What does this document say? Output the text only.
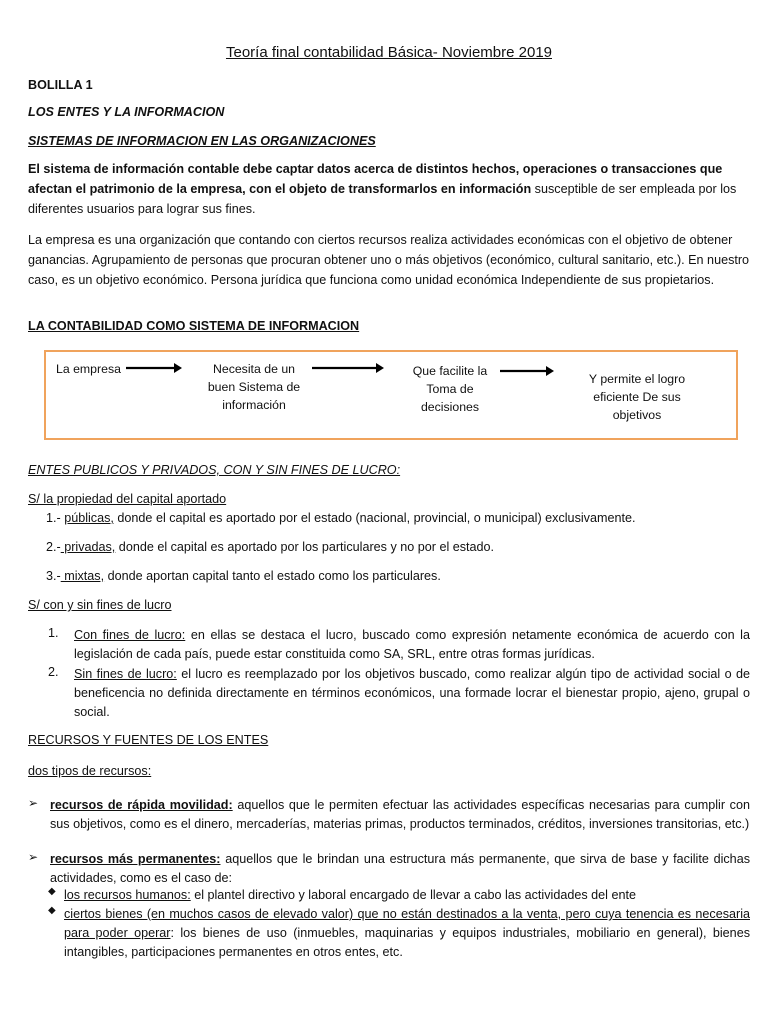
Teoría final contabilidad Básica- Noviembre 2019
BOLILLA 1
LOS ENTES Y LA INFORMACION
SISTEMAS DE INFORMACION EN LAS ORGANIZACIONES

El sistema de información contable debe captar datos acerca de distintos hechos, operaciones o transacciones que afectan el patrimonio de la empresa, con el objeto de transformarlos en información susceptible de ser empleada por los diferentes usuarios para lograr sus fines.

La empresa es una organización que contando con ciertos recursos realiza actividades económicas con el objetivo de obtener ganancias. Agrupamiento de personas que procuran obtener uno o más objetivos (económico, cultural sanitario, etc.). En nuestro caso, es un objetivo económico. Persona jurídica que funciona como unidad económica Independiente de sus propietarios.

LA CONTABILIDAD COMO SISTEMA DE INFORMACION
La empresa	Necesita de un buen Sistema de información
Que facilite la Toma de decisiones
Y permite el logro eficiente De sus objetivos
ENTES PUBLICOS Y PRIVADOS, CON Y SIN FINES DE LUCRO:
S/ la propiedad del capital aportado
1.- públicas, donde el capital es aportado por el estado (nacional, provincial, o municipal) exclusivamente.
2.- privadas, donde el capital es aportado por los particulares y no por el estado.
3.- mixtas, donde aportan capital tanto el estado como los particulares.
S/ con y sin fines de lucro
1. Con fines de lucro: en ellas se destaca el lucro, buscado como expresión netamente económica de acuerdo con la legislación de cada país, puede estar constituida como SA, SRL, entre otras formas jurídicas.
2. Sin fines de lucro: el lucro es reemplazado por los objetivos buscado, como realizar algún tipo de actividad social o de beneficencia no definida directamente en términos económicos, una formade locrar el bienestar propio, ajeno, grupal o social.
RECURSOS Y FUENTES DE LOS ENTES
dos tipos de recursos:
➢ recursos de rápida movilidad: aquellos que le permiten efectuar las actividades específicas necesarias para cumplir con sus objetivos, como es el dinero, mercaderías, materias primas, productos terminados, créditos, inversiones transitorias, etc.)
➢ recursos más permanentes: aquellos que le brindan una estructura más permanente, que sirva de base y facilite dichas actividades, como es el caso de:
◆ los recursos humanos: el plantel directivo y laboral encargado de llevar a cabo las actividades del ente
◆ ciertos bienes (en muchos casos de elevado valor) que no están destinados a la venta, pero cuya tenencia es necesaria para poder operar: los bienes de uso (inmuebles, maquinarias y equipos industriales, mobiliario en general), bienes intangibles, participaciones permanentes en otros entes, etc.
